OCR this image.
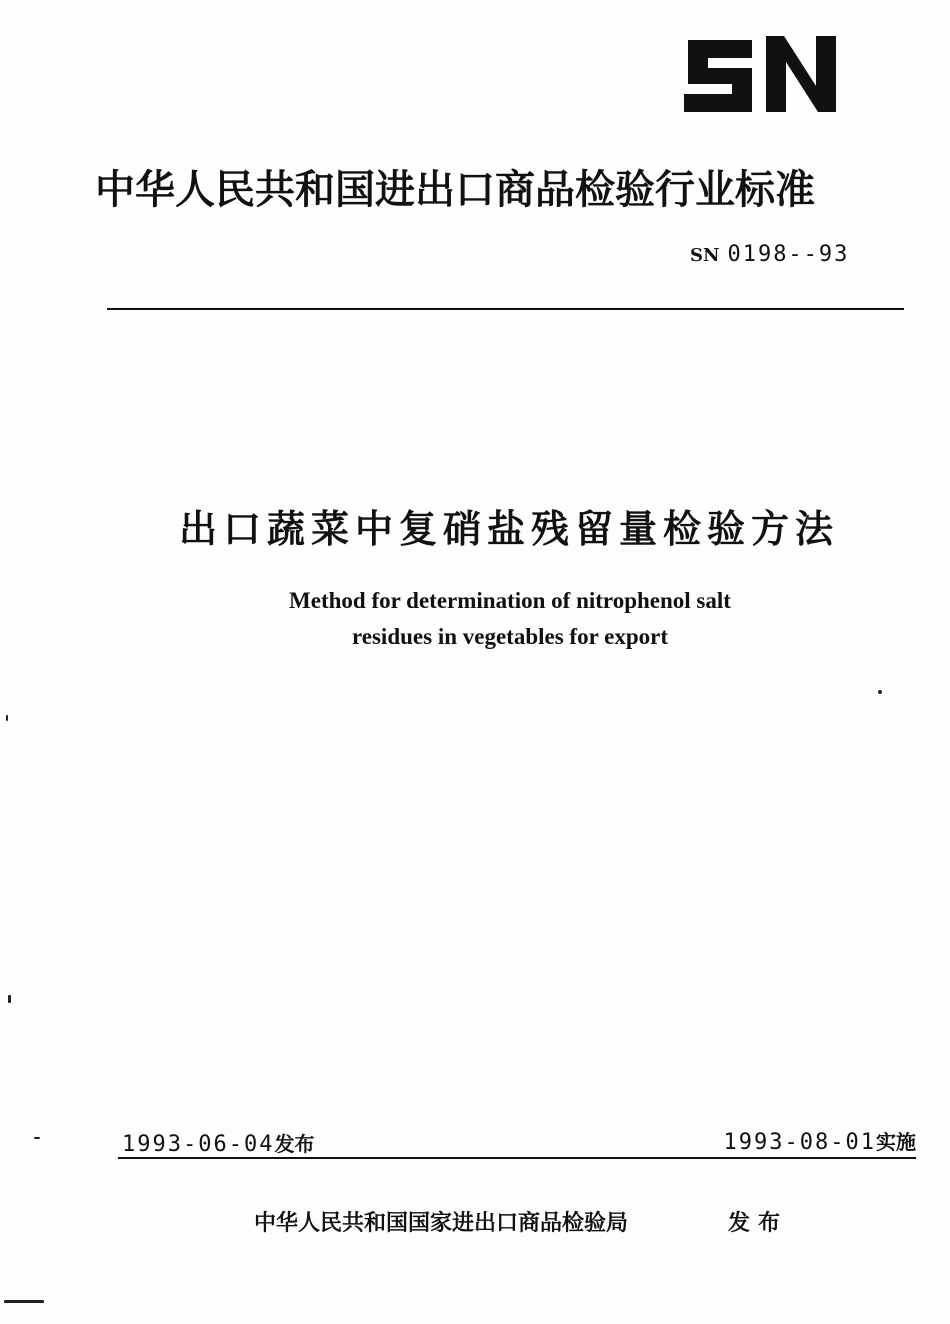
中华人民共和国进出口商品检验行业标准
SN 0198--93
出口蔬菜中复硝盐残留量检验方法
Method for determination of nitrophenol salt
residues in vegetables for export
1993-06-04发布	1993-08-01实施
中华人民共和国国家进出口商品检验局	发布
